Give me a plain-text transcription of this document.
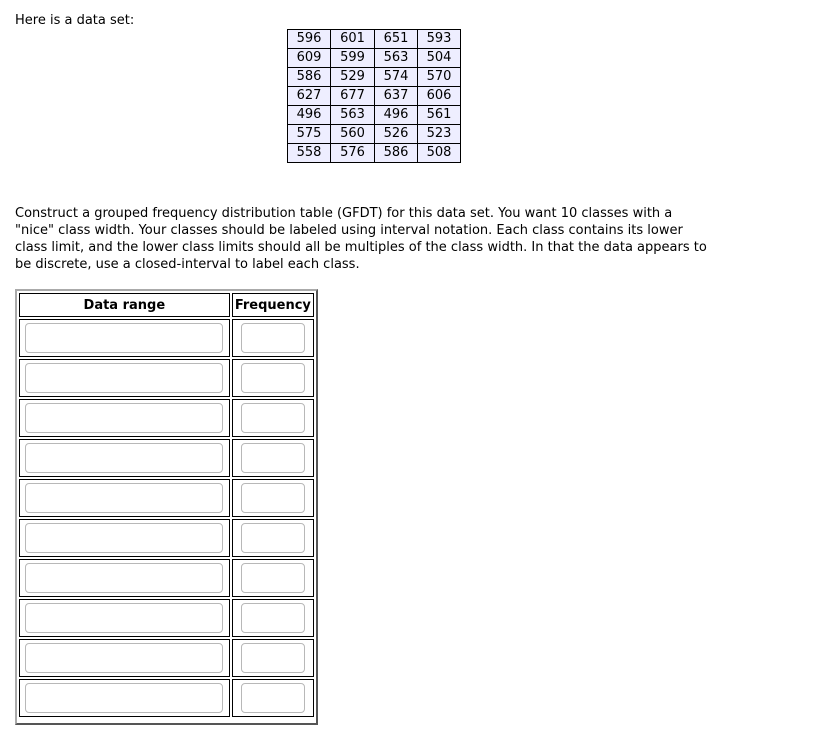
Here is a data set:
596	601	651	593
609	599	563	504
586	529	574	570
627	677	637	606
496	563	496	561
575	560	526	523
558	576	586	508
Construct a grouped frequency distribution table (GFDT) for this data set. You want 10 classes with a "nice" class width. Your classes should be labeled using interval notation. Each class contains its lower class limit, and the lower class limits should all be multiples of the class width. In that the data appears to be discrete, use a closed-interval to label each class.
Data range	Frequency
